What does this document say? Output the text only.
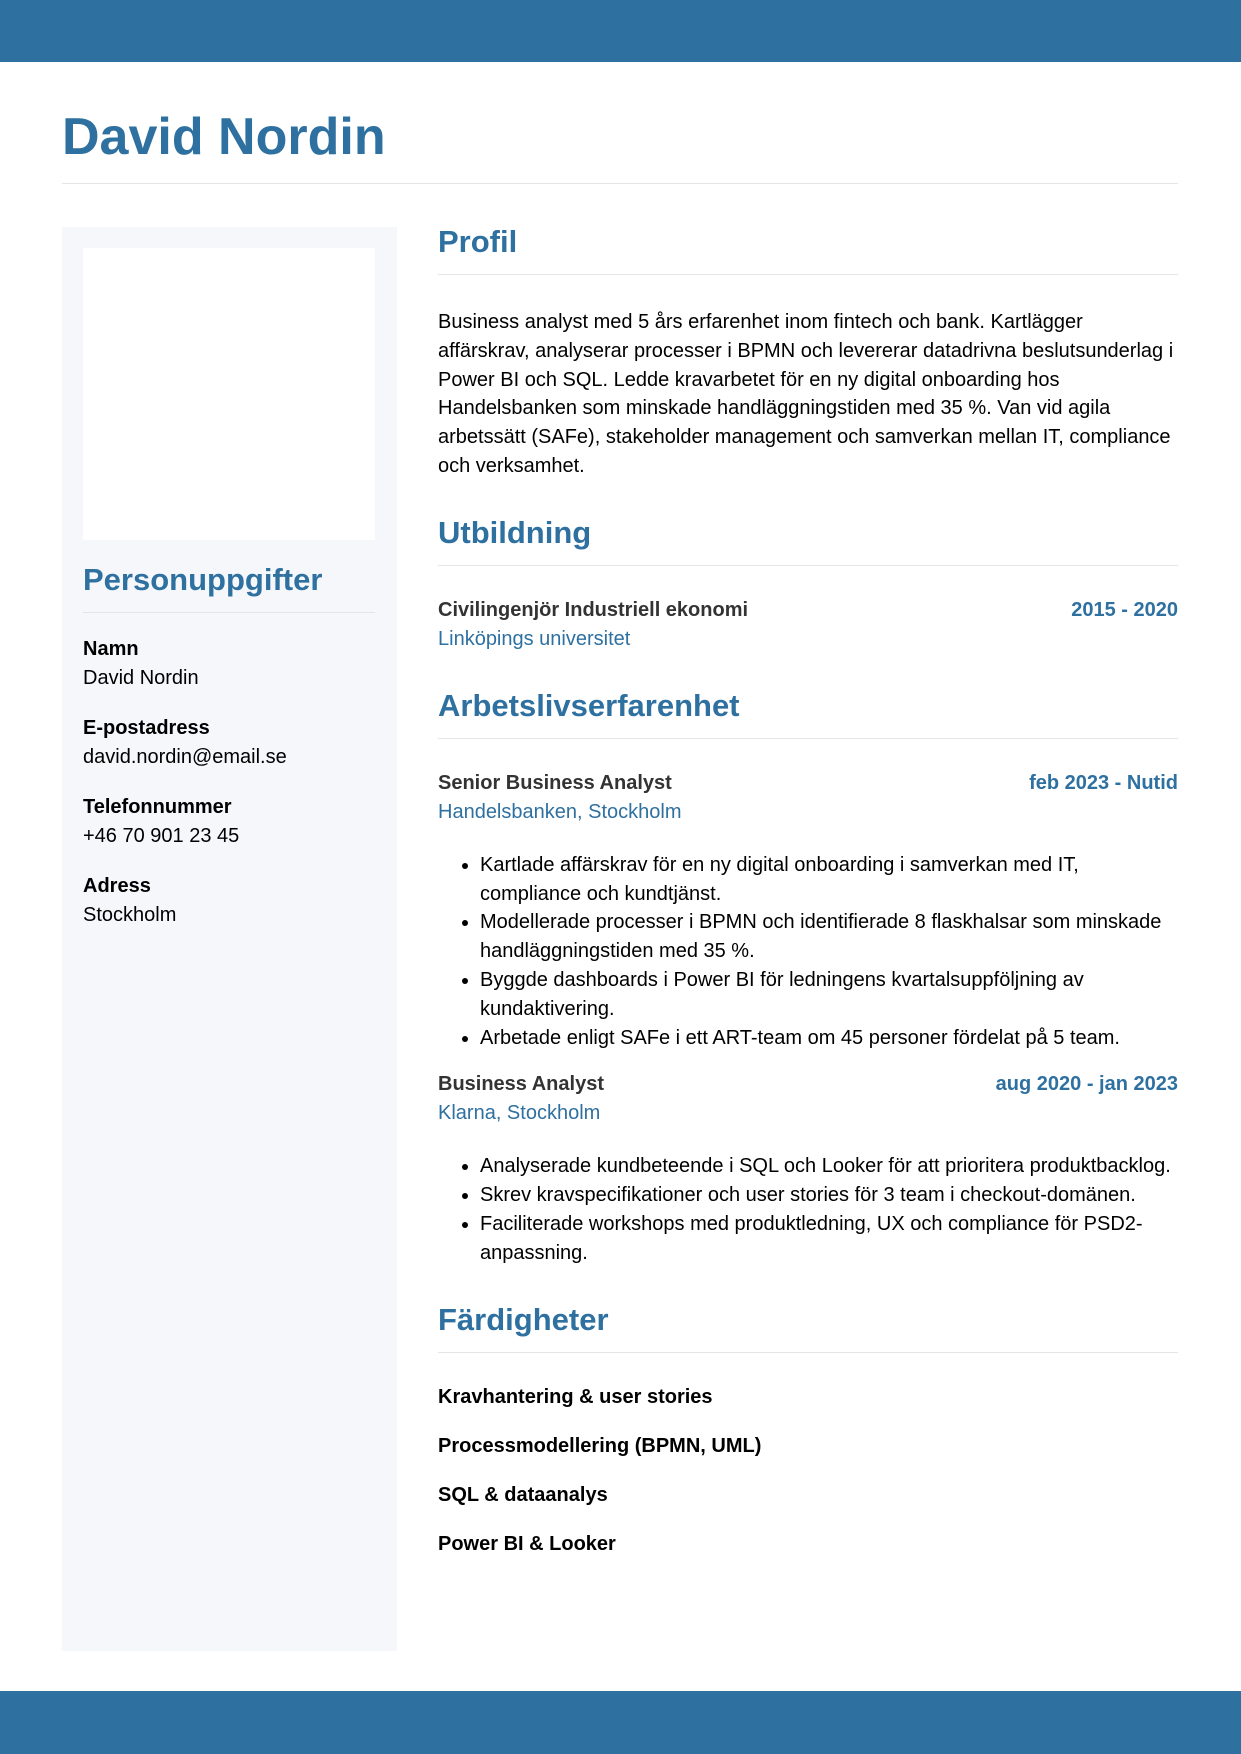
David Nordin
Personuppgifter
Namn
David Nordin
E-postadress
david.nordin@email.se
Telefonnummer
+46 70 901 23 45
Adress
Stockholm
Profil

Business analyst med 5 års erfarenhet inom fintech och bank. Kartlägger affärskrav, analyserar processer i BPMN och levererar datadrivna beslutsunderlag i Power BI och SQL. Ledde kravarbetet för en ny digital onboarding hos Handelsbanken som minskade handläggningstiden med 35 %. Van vid agila arbetssätt (SAFe), stakeholder management och samverkan mellan IT, compliance och verksamhet.

Utbildning
Civilingenjör Industriell ekonomi	2015 - 2020
Linköpings universitet
Arbetslivserfarenhet
Senior Business Analyst	feb 2023 - Nutid
Handelsbanken, Stockholm
• Kartlade affärskrav för en ny digital onboarding i samverkan med IT, compliance och kundtjänst.
• Modellerade processer i BPMN och identifierade 8 flaskhalsar som minskade handläggningstiden med 35 %.
• Byggde dashboards i Power BI för ledningens kvartalsuppföljning av kundaktivering.
• Arbetade enligt SAFe i ett ART-team om 45 personer fördelat på 5 team.
Business Analyst	aug 2020 - jan 2023
Klarna, Stockholm
• Analyserade kundbeteende i SQL och Looker för att prioritera produktbacklog.
• Skrev kravspecifikationer och user stories för 3 team i checkout-domänen.
• Faciliterade workshops med produktledning, UX och compliance för PSD2-anpassning.
Färdigheter
Kravhantering & user stories
Processmodellering (BPMN, UML)
SQL & dataanalys
Power BI & Looker
